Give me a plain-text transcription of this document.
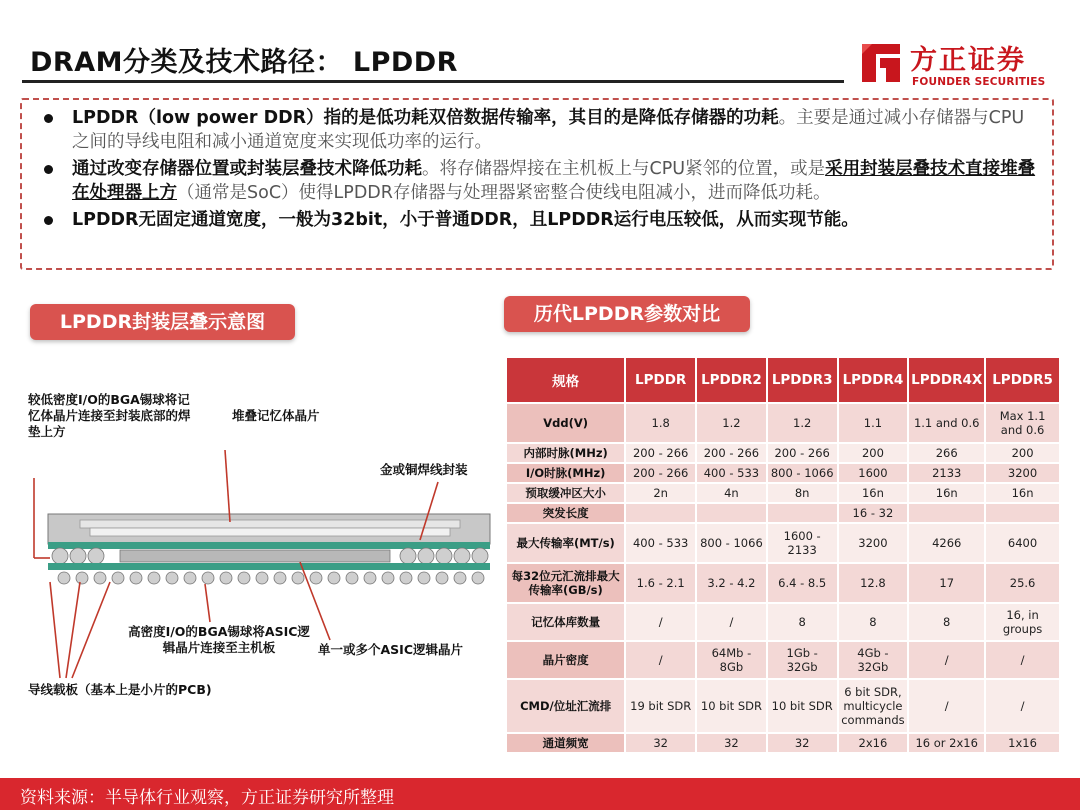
DRAM分类及技术路径： LPDDR	方正证券
FOUNDER SECURITIES
LPDDR（low power DDR）指的是低功耗双倍数据传输率，其目的是降低存储器的功耗。主要是通过减小存储器与CPU之间的导线电阻和减小通道宽度来实现低功率的运行。
通过改变存储器位置或封装层叠技术降低功耗。将存储器焊接在主机板上与CPU紧邻的位置，或是采用封装层叠技术直接堆叠在处理器上方（通常是SoC）使得LPDDR存储器与处理器紧密整合使线电阻减小，进而降低功耗。
LPDDR无固定通道宽度，一般为32bit，小于普通DDR，且LPDDR运行电压较低，从而实现节能。
LPDDR封装层叠示意图	历代LPDDR参数对比
较低密度I/O的BGA锡球将记忆体晶片连接至封装底部的焊垫上方
堆叠记忆体晶片
金或铜焊线封装
高密度I/O的BGA锡球将ASIC逻辑晶片连接至主机板	单一或多个ASIC逻辑晶片
导线载板（基本上是小片的PCB)
规格	LPDDR	LPDDR2	LPDDR3	LPDDR4	LPDDR4X	LPDDR5
Vdd(V)	1.8	1.2	1.2	1.1	1.1 and 0.6	Max 1.1 and 0.6
内部时脉(MHz)	200 - 266	200 - 266	200 - 266	200	266	200
I/O时脉(MHz)	200 - 266	400 - 533	800 - 1066	1600	2133	3200
预取缓冲区大小	2n	4n	8n	16n	16n	16n
突发长度				16 - 32		
最大传输率(MT/s)	400 - 533	800 - 1066	1600 - 2133	3200	4266	6400
每32位元汇流排最大传输率(GB/s)	1.6 - 2.1	3.2 - 4.2	6.4 - 8.5	12.8	17	25.6
记忆体库数量	/	/	8	8	8	16, in groups
晶片密度	/	64Mb - 8Gb	1Gb - 32Gb	4Gb - 32Gb	/	/
CMD/位址汇流排	19 bit SDR	10 bit SDR	10 bit SDR	6 bit SDR, multicycle commands	/	/
通道频宽	32	32	32	2x16	16 or 2x16	1x16
资料来源：半导体行业观察，方正证券研究所整理
